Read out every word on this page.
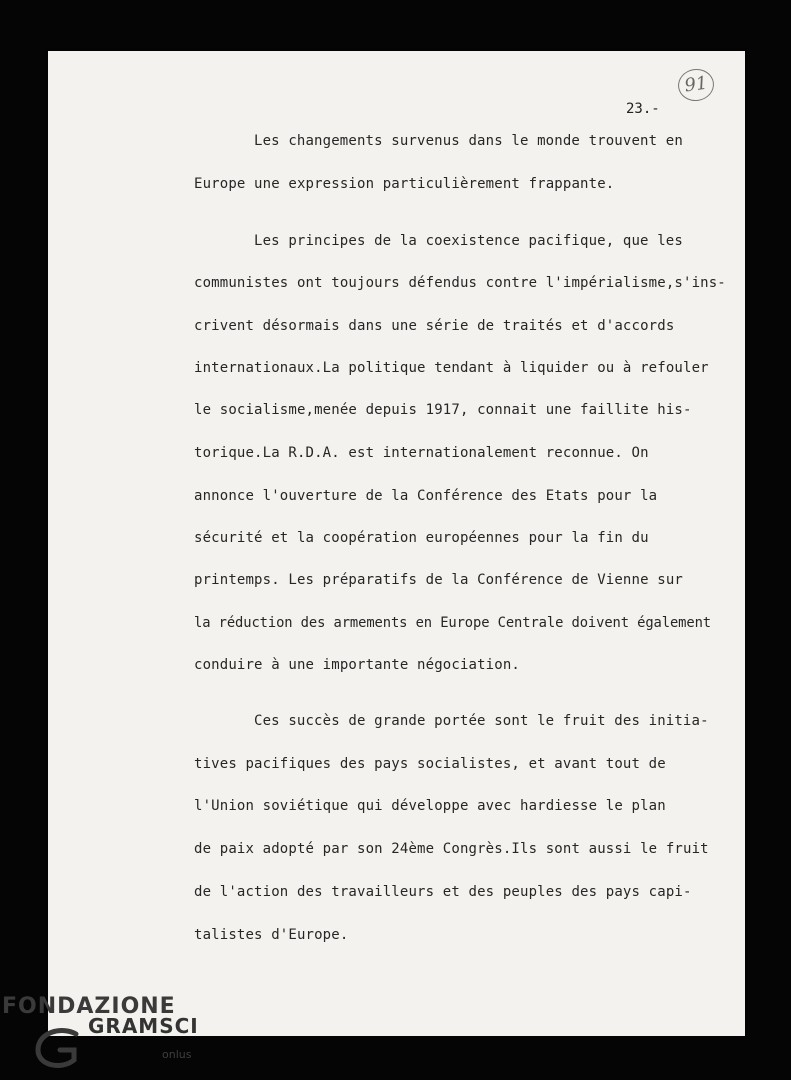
91
23.-
Les changements survenus dans le monde trouvent en
Europe une expression particulièrement frappante.
Les principes de la coexistence pacifique, que les
communistes ont toujours défendus contre l'impérialisme,s'ins-
crivent désormais dans une série de traités et d'accords
internationaux.La politique tendant à liquider ou à refouler
le socialisme,menée depuis 1917, connait une faillite his-
torique.La R.D.A. est internationalement reconnue. On
annonce l'ouverture de la Conférence des Etats pour la
sécurité et la coopération européennes pour la fin du
printemps. Les préparatifs de la Conférence de Vienne sur
la réduction des armements en Europe Centrale doivent également
conduire à une importante négociation.
Ces succès de grande portée sont le fruit des initia-
tives pacifiques des pays socialistes, et avant tout de
l'Union soviétique qui développe avec hardiesse le plan
de paix adopté par son 24ème Congrès.Ils sont aussi le fruit
de l'action des travailleurs et des peuples des pays capi-
talistes d'Europe.
FONDAZIONE
GRAMSCI
onlus
